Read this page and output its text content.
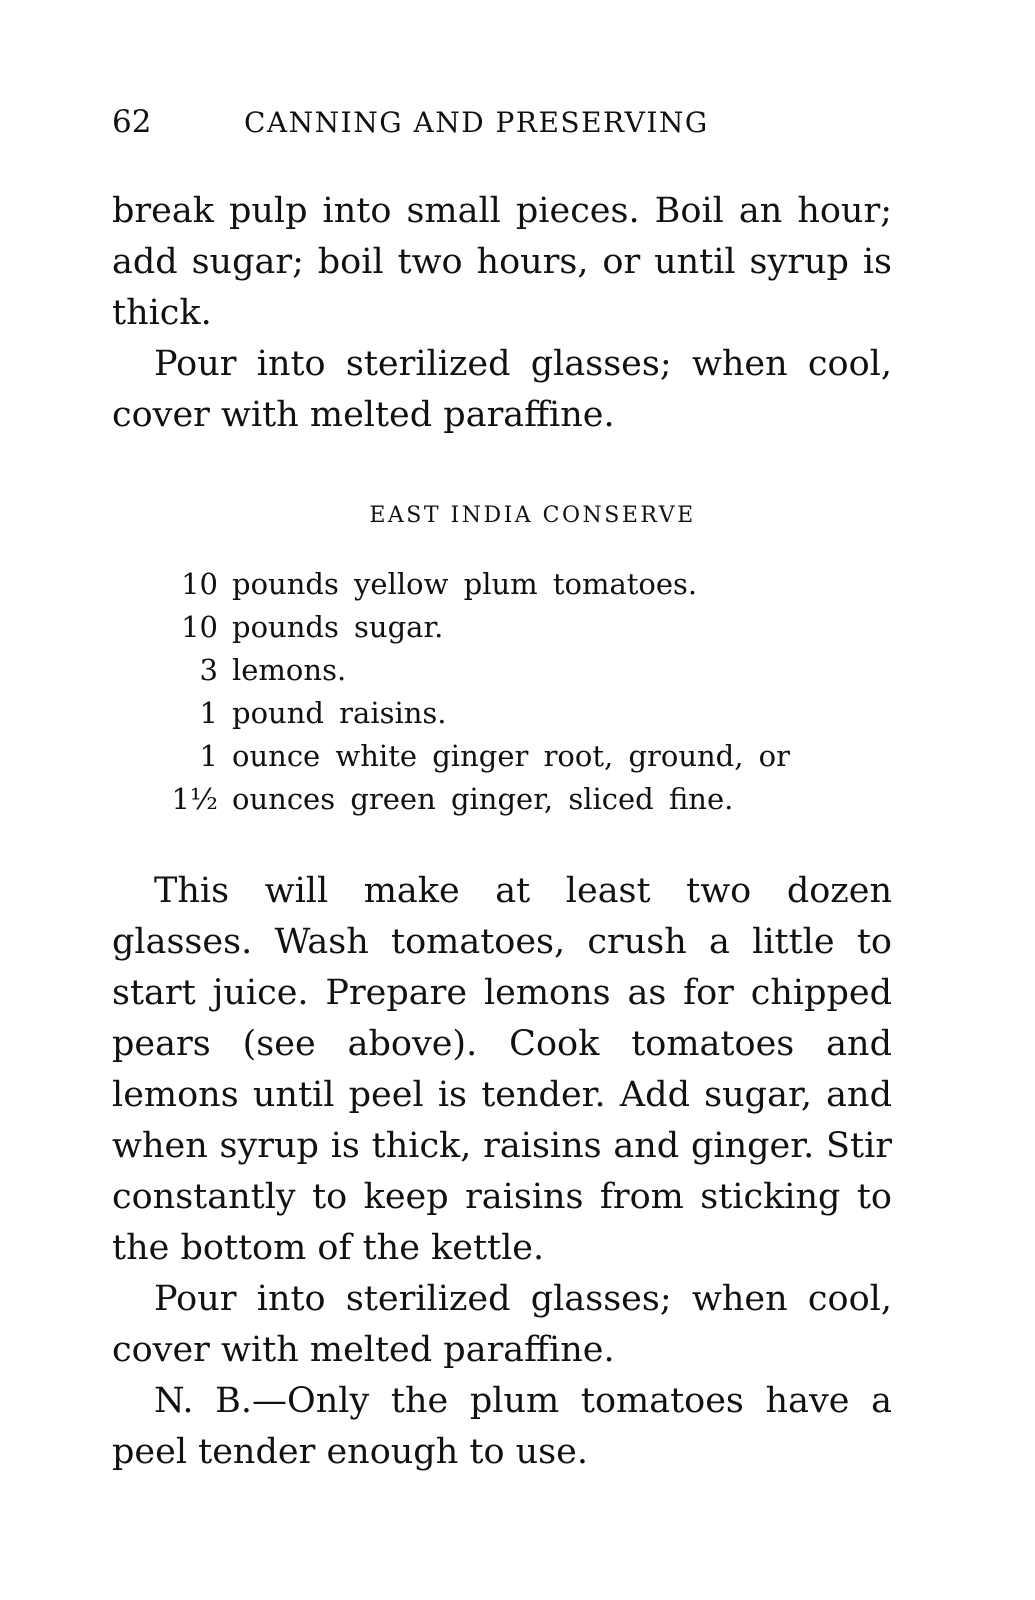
62	CANNING AND PRESERVING

break pulp into small pieces. Boil an hour; add sugar; boil two hours, or until syrup is thick.

Pour into sterilized glasses; when cool, cover with melted paraffine.

EAST INDIA CONSERVE
10 pounds yellow plum tomatoes.
10 pounds sugar.
3 lemons.
1 pound raisins.
1 ounce white ginger root, ground, or
1½ ounces green ginger, sliced fine.

This will make at least two dozen glasses. Wash tomatoes, crush a little to start juice. Prepare lemons as for chipped pears (see above). Cook tomatoes and lemons until peel is tender. Add sugar, and when syrup is thick, raisins and ginger. Stir constantly to keep raisins from sticking to the bottom of the kettle.

Pour into sterilized glasses; when cool, cover with melted paraffine.

N. B.—Only the plum tomatoes have a peel tender enough to use.
